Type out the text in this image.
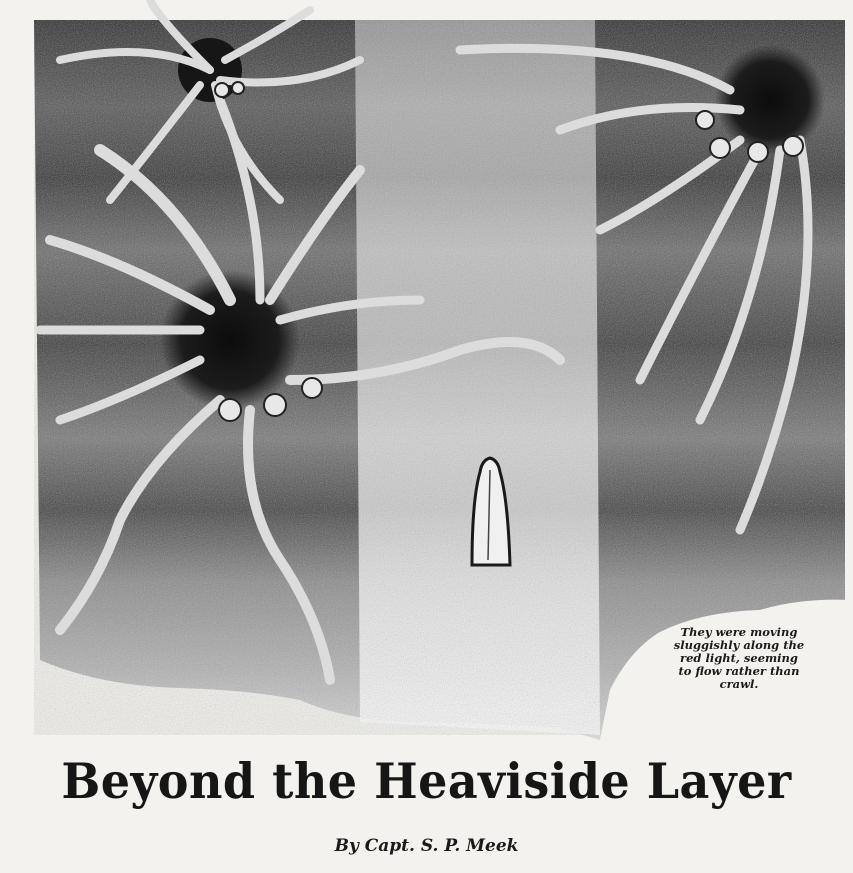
They were moving
sluggishly along the
red light, seeming
to flow rather than
crawl.
Beyond the Heaviside Layer
By Capt. S. P. Meek
